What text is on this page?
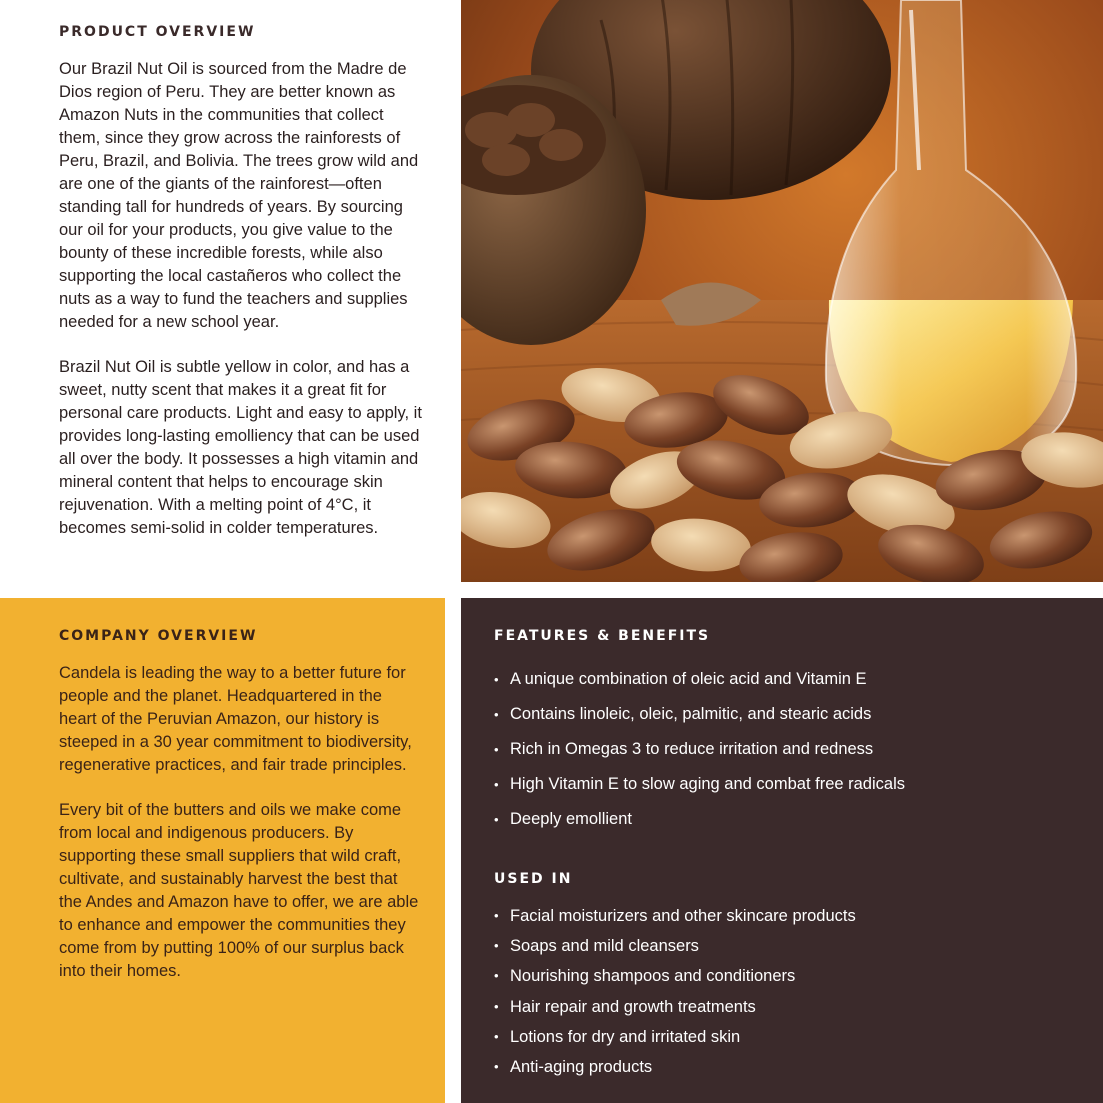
PRODUCT OVERVIEW

Our Brazil Nut Oil is sourced from the Madre de Dios region of Peru. They are better known as Amazon Nuts in the communities that collect them, since they grow across the rainforests of Peru, Brazil, and Bolivia. The trees grow wild and are one of the giants of the rainforest—often standing tall for hundreds of years. By sourcing our oil for your products, you give value to the bounty of these incredible forests, while also supporting the local castañeros who collect the nuts as a way to fund the teachers and supplies needed for a new school year.

Brazil Nut Oil is subtle yellow in color, and has a sweet, nutty scent that makes it a great fit for personal care products. Light and easy to apply, it provides long-lasting emolliency that can be used all over the body. It possesses a high vitamin and mineral content that helps to encourage skin rejuvenation. With a melting point of 4°C, it becomes semi-solid in colder temperatures.

COMPANY OVERVIEW

Candela is leading the way to a better future for people and the planet. Headquartered in the heart of the Peruvian Amazon, our history is steeped in a 30 year commitment to biodiversity, regenerative practices, and fair trade principles.

Every bit of the butters and oils we make come from local and indigenous producers. By supporting these small suppliers that wild craft, cultivate, and sustainably harvest the best that the Andes and Amazon have to offer, we are able to enhance and empower the communities they come from by putting 100% of our surplus back into their homes.

FEATURES & BENEFITS
• A unique combination of oleic acid and Vitamin E
• Contains linoleic, oleic, palmitic, and stearic acids
• Rich in Omegas 3 to reduce irritation and redness
• High Vitamin E to slow aging and combat free radicals
• Deeply emollient
USED IN
• Facial moisturizers and other skincare products
• Soaps and mild cleansers
• Nourishing shampoos and conditioners
• Hair repair and growth treatments
• Lotions for dry and irritated skin
• Anti-aging products
